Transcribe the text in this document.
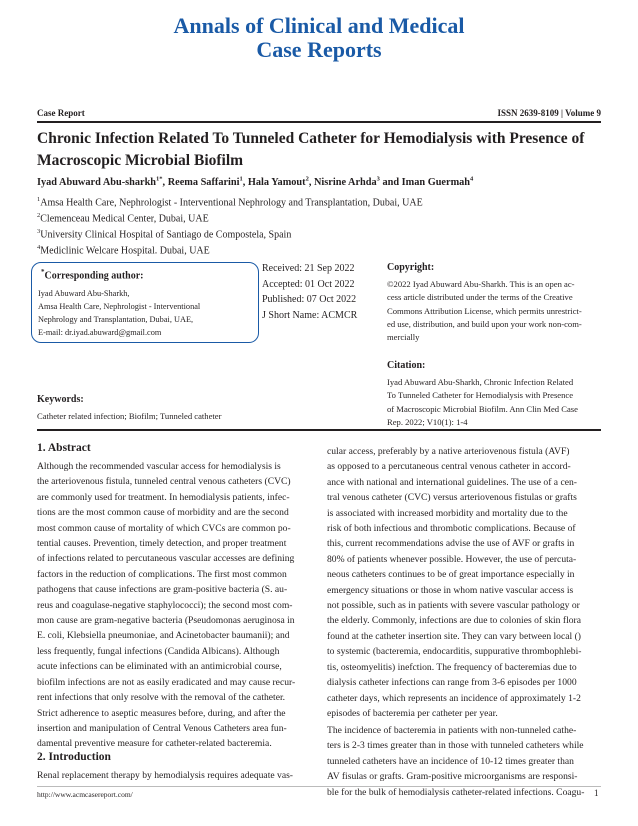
Annals of Clinical and Medical
Case Reports
Case Report	ISSN 2639-8109 | Volume 9
Chronic Infection Related To Tunneled Catheter for Hemodialysis with Presence of
Macroscopic Microbial Biofilm
Iyad Abuward Abu-sharkh$^{1*}$, Reema Saffarini$^1$, Hala Yamout$^2$, Nisrine Arhda$^3$ and Iman Guermah$^4$
$^1$Amsa Health Care, Nephrologist - Interventional Nephrology and Transplantation, Dubai, UAE
$^2$Clemenceau Medical Center, Dubai, UAE
$^3$University Clinical Hospital of Santiago de Compostela, Spain
$^4$Mediclinic Welcare Hospital. Dubai, UAE
*Corresponding author:
Iyad Abuward Abu-Sharkh,
Amsa Health Care, Nephrologist - Interventional
Nephrology and Transplantation, Dubai, UAE,
E-mail: dr.iyad.abuward@gmail.com
Received: 21 Sep 2022
Accepted: 01 Oct 2022
Published: 07 Oct 2022
J Short Name: ACMCR
Copyright:
©2022 Iyad Abuward Abu-Sharkh. This is an open ac-
cess article distributed under the terms of the Creative
Commons Attribution License, which permits unrestrict-
ed use, distribution, and build upon your work non-com-
mercially
Citation:
Iyad Abuward Abu-Sharkh, Chronic Infection Related
To Tunneled Catheter for Hemodialysis with Presence
of Macroscopic Microbial Biofilm. Ann Clin Med Case
Rep. 2022; V10(1): 1-4
Keywords:
Catheter related infection; Biofilm; Tunneled catheter
1. Abstract
Although the recommended vascular access for hemodialysis is
the arteriovenous fistula, tunneled central venous catheters (CVC)
are commonly used for treatment. In hemodialysis patients, infec-
tions are the most common cause of morbidity and are the second
most common cause of mortality of which CVCs are common po-
tential causes. Prevention, timely detection, and proper treatment
of infections related to percutaneous vascular accesses are defining
factors in the reduction of complications. The first most common
pathogens that cause infections are gram-positive bacteria (S. au-
reus and coagulase-negative staphylococci); the second most com-
mon cause are gram-negative bacteria (Pseudomonas aeruginosa in
E. coli, Klebsiella pneumoniae, and Acinetobacter baumanii); and
less frequently, fungal infections (Candida Albicans). Although
acute infections can be eliminated with an antimicrobial course,
biofilm infections are not as easily eradicated and may cause recur-
rent infections that only resolve with the removal of the catheter.
Strict adherence to aseptic measures before, during, and after the
insertion and manipulation of Central Venous Catheters area fun-
damental preventive measure for catheter-related bacteremia.
2. Introduction
Renal replacement therapy by hemodialysis requires adequate vas-
cular access, preferably by a native arteriovenous fistula (AVF)
as opposed to a percutaneous central venous catheter in accord-
ance with national and international guidelines. The use of a cen-
tral venous catheter (CVC) versus arteriovenous fistulas or grafts
is associated with increased morbidity and mortality due to the
risk of both infectious and thrombotic complications. Because of
this, current recommendations advise the use of AVF or grafts in
80% of patients whenever possible. However, the use of percuta-
neous catheters continues to be of great importance especially in
emergency situations or those in whom native vascular access is
not possible, such as in patients with severe vascular pathology or
the elderly. Commonly, infections are due to colonies of skin flora
found at the catheter insertion site. They can vary between local ()
to systemic (bacteremia, endocarditis, suppurative thrombophlebi-
tis, osteomyelitis) inefction. The frequency of bacteremias due to
dialysis catheter infections can range from 3-6 episodes per 1000
catheter days, which represents an incidence of approximately 1-2
episodes of bacteremia per catheter per year.
The incidence of bacteremia in patients with non-tunneled cathe-
ters is 2-3 times greater than in those with tunneled catheters while
tunneled catheters have an incidence of 10-12 times greater than
AV fisulas or grafts. Gram-positive microorganisms are responsi-
ble for the bulk of hemodialysis catheter-related infections. Coagu-
http://www.acmcasereport.com/	1
